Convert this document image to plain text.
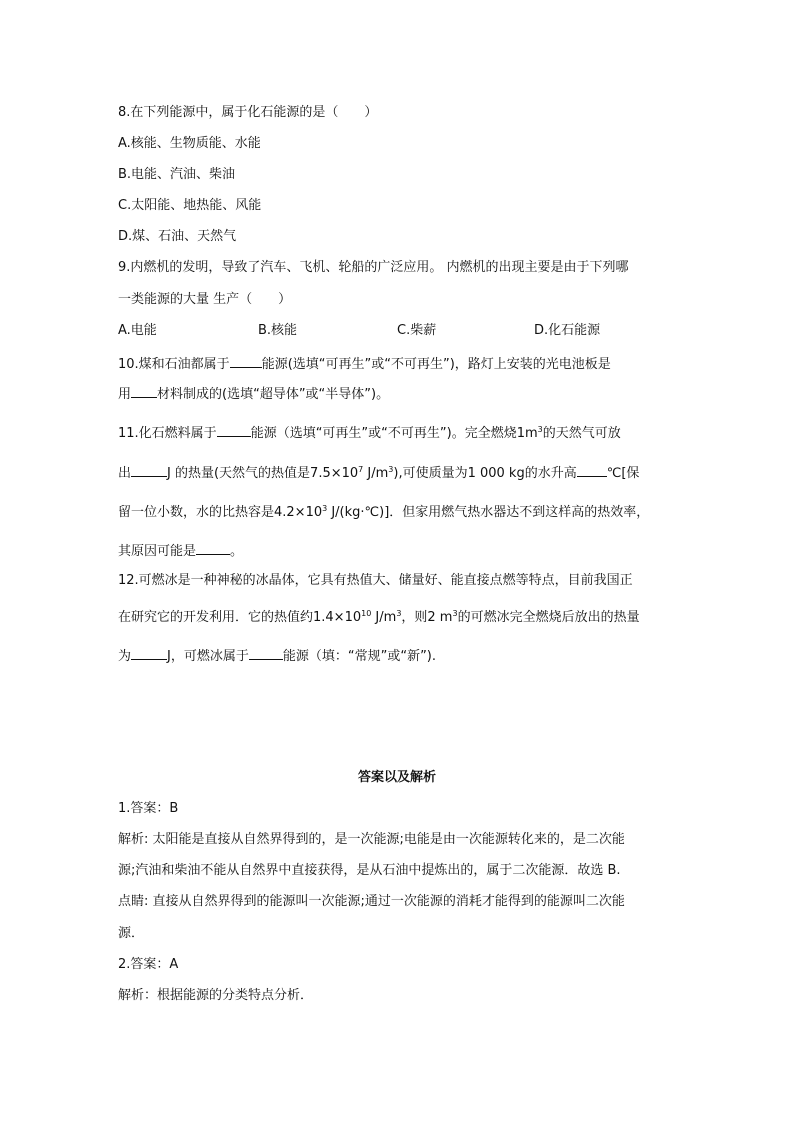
8.在下列能源中，属于化石能源的是（　　）
A.核能、生物质能、水能
B.电能、汽油、柴油
C.太阳能、地热能、风能
D.煤、石油、天然气
9.内燃机的发明，导致了汽车、飞机、轮船的广泛应用。 内燃机的出现主要是由于下列哪
一类能源的大量 生产（　　）
A.电能	B.核能	C.柴薪	D.化石能源
10.煤和石油都属于 能源(选填“可再生”或“不可再生”)，路灯上安装的光电池板是
用 材料制成的(选填“超导体”或“半导体”)。
11.化石燃料属于	能源（选填“可再生”或“不可再生”)。完全燃烧$1m^3$的天然气可放
出	J 的热量(天然气的热值是$7.5\times 10^7$ $J/m^3$),可使质量为1 000 kg的水升高 ℃[保
留一位小数，水的比热容是$4.2\times 10^3$ J/(kg·℃)]．但家用燃气热水器达不到这样高的热效率，
其原因可能是	。
12.可燃冰是一种神秘的冰晶体，它具有热值大、储量好、能直接点燃等特点，目前我国正
在研究它的开发利用．它的热值约$1.4\times 10^{10}$ $J/m^3$，则2 $m^3$的可燃冰完全燃烧后放出的热量
为	J，可燃冰属于	能源（填：“常规”或“新”).
答案以及解析
1.答案：B
解析: 太阳能是直接从自然界得到的，是一次能源;电能是由一次能源转化来的，是二次能
源;汽油和柴油不能从自然界中直接获得，是从石油中提炼出的，属于二次能源．故选 B.
点睛: 直接从自然界得到的能源叫一次能源;通过一次能源的消耗才能得到的能源叫二次能
源．
2.答案：A
解析：根据能源的分类特点分析．
